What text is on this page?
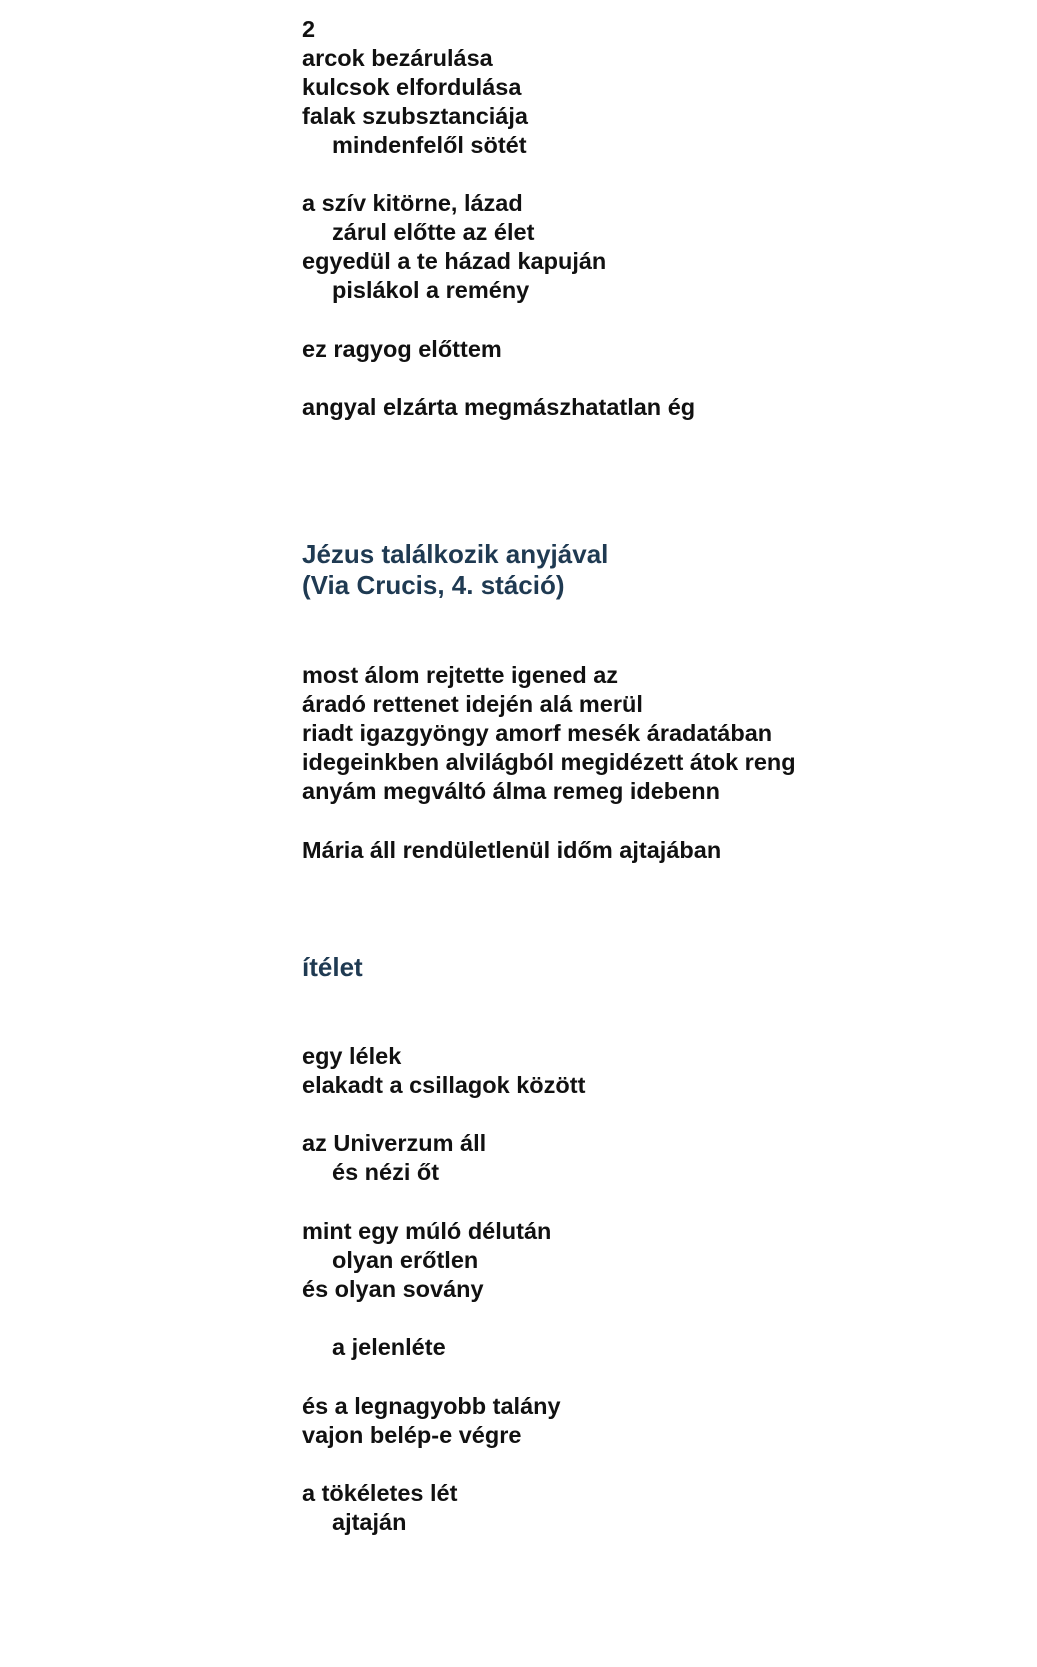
2
arcok bezárulása
kulcsok elfordulása
falak szubsztanciája
mindenfelől sötét
a szív kitörne, lázad
zárul előtte az élet
egyedül a te házad kapuján
pislákol a remény
ez ragyog előttem
angyal elzárta megmászhatatlan ég
Jézus találkozik anyjával
(Via Crucis, 4. stáció)
most álom rejtette igened az
áradó rettenet idején alá merül
riadt igazgyöngy amorf mesék áradatában
idegeinkben alvilágból megidézett átok reng
anyám megváltó álma remeg idebenn
Mária áll rendületlenül időm ajtajában
ítélet
egy lélek
elakadt a csillagok között
az Univerzum áll
és nézi őt
mint egy múló délután
olyan erőtlen
és olyan sovány
a jelenléte
és a legnagyobb talány
vajon belép-e végre
a tökéletes lét
ajtaján
